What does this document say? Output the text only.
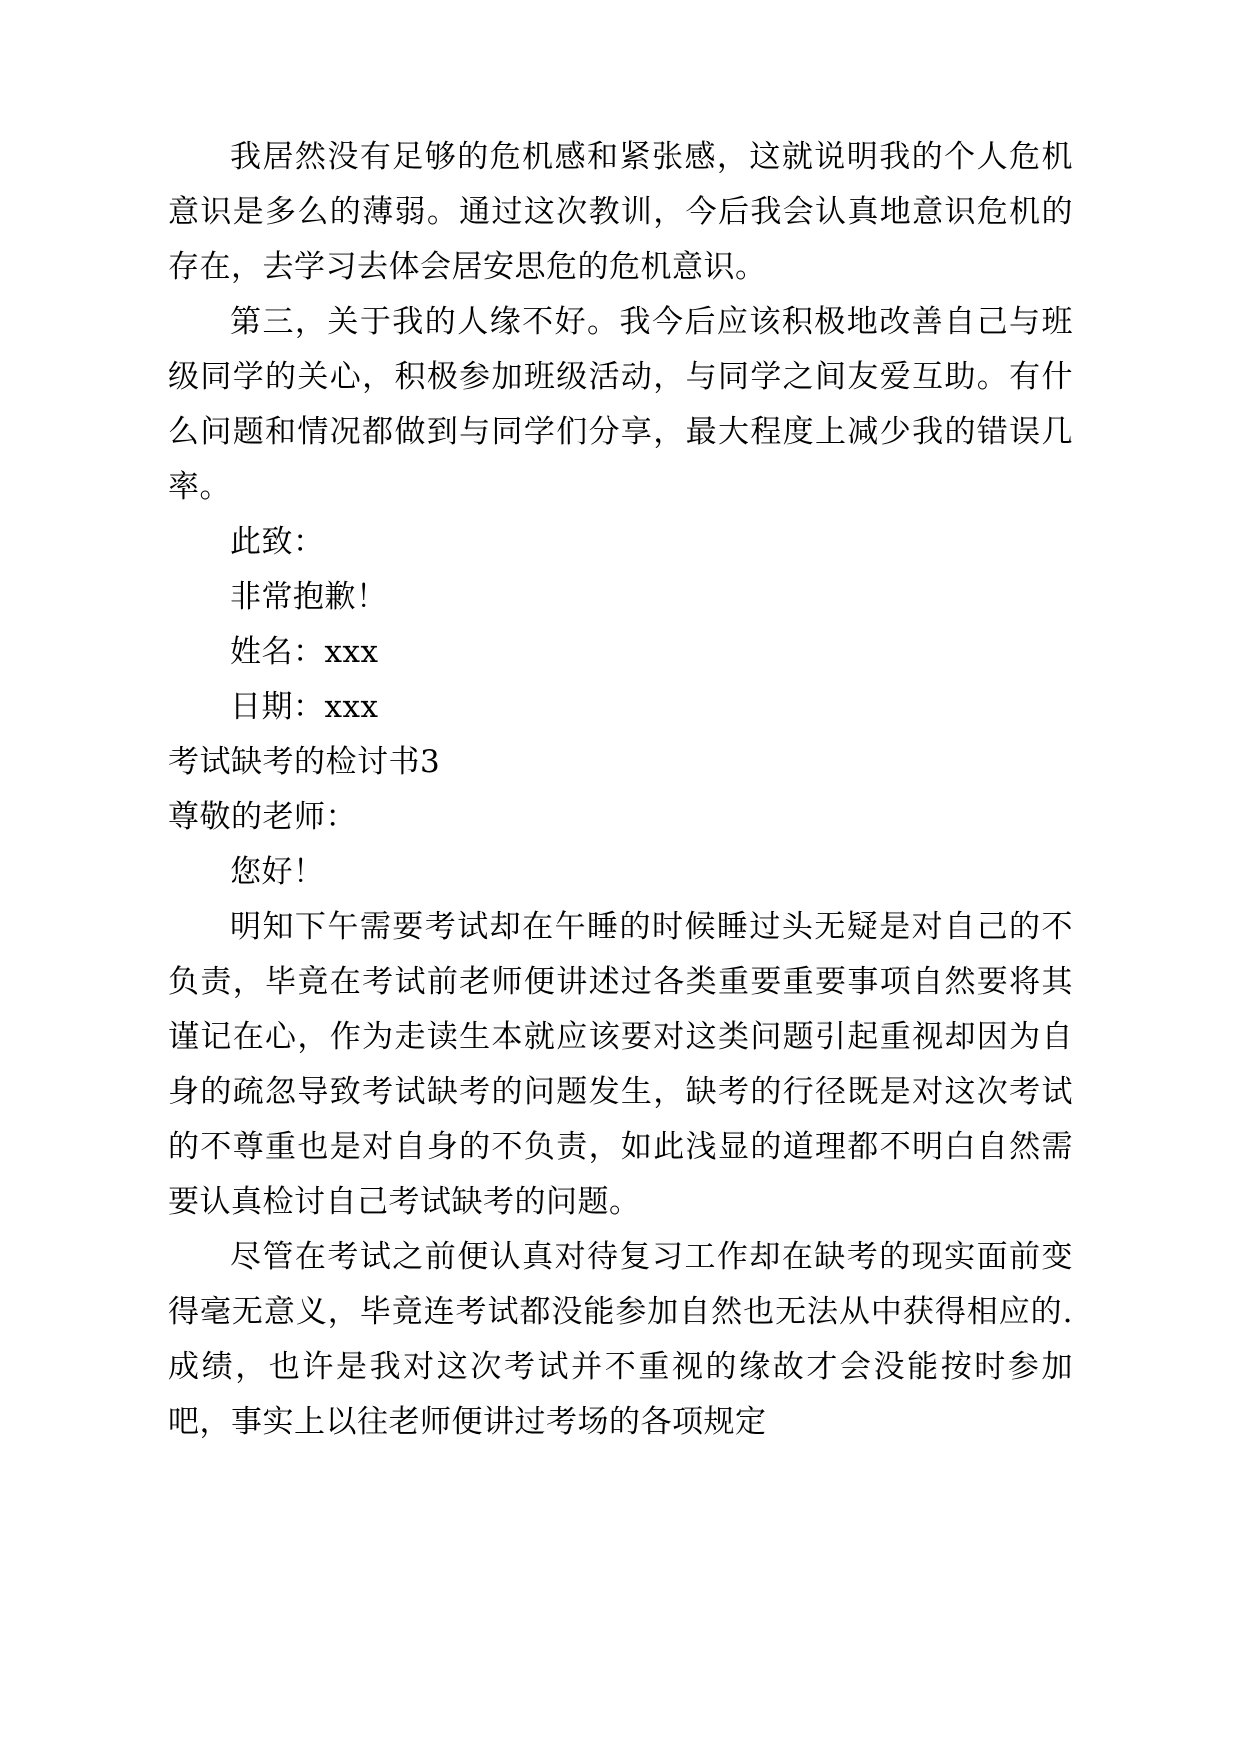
我居然没有足够的危机感和紧张感，这就说明我的个人危机意识是多么的薄弱。通过这次教训，今后我会认真地意识危机的存在，去学习去体会居安思危的危机意识。

第三，关于我的人缘不好。我今后应该积极地改善自己与班级同学的关心，积极参加班级活动，与同学之间友爱互助。有什么问题和情况都做到与同学们分享，最大程度上减少我的错误几率。

此致：

非常抱歉！

姓名：xxx

日期：xxx

考试缺考的检讨书3

尊敬的老师：

您好！

明知下午需要考试却在午睡的时候睡过头无疑是对自己的不负责，毕竟在考试前老师便讲述过各类重要重要事项自然要将其谨记在心，作为走读生本就应该要对这类问题引起重视却因为自身的疏忽导致考试缺考的问题发生，缺考的行径既是对这次考试的不尊重也是对自身的不负责，如此浅显的道理都不明白自然需要认真检讨自己考试缺考的问题。

尽管在考试之前便认真对待复习工作却在缺考的现实面前变得毫无意义，毕竟连考试都没能参加自然也无法从中获得相应的.成绩，也许是我对这次考试并不重视的缘故才会没能按时参加吧，事实上以往老师便讲过考场的各项规定
